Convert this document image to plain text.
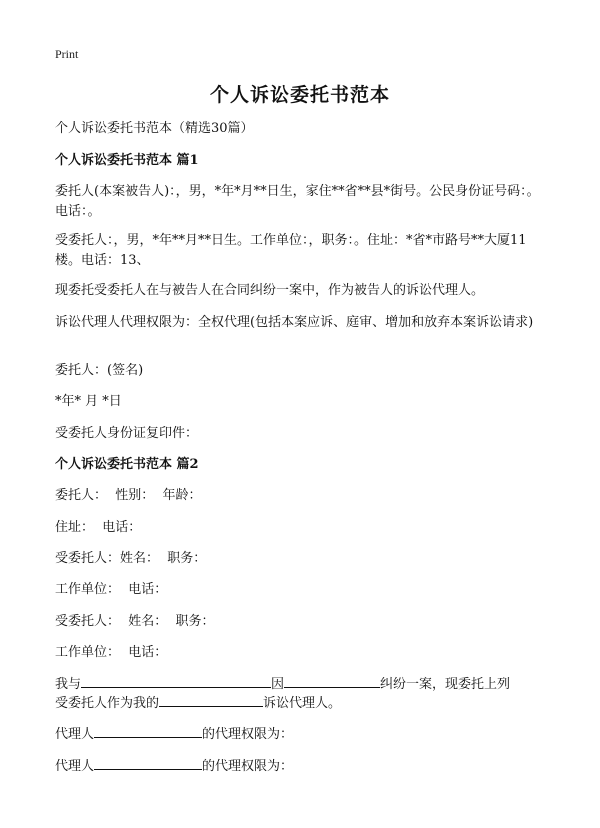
Print
个人诉讼委托书范本
个人诉讼委托书范本（精选30篇）
个人诉讼委托书范本 篇1
委托人(本案被告人)：，男，*年*月**日生，家住**省**县*街号。公民身份证号码：。电话：。
受委托人：，男，*年**月**日生。工作单位：，职务：。住址：*省*市路号**大厦11楼。电话：13、
现委托受委托人在与被告人在合同纠纷一案中，作为被告人的诉讼代理人。
诉讼代理人代理权限为：全权代理(包括本案应诉、庭审、增加和放弃本案诉讼请求)
委托人：(签名)
*年* 月 *日
受委托人身份证复印件：
个人诉讼委托书范本 篇2
委托人：  性别：  年龄：
住址：  电话：
受委托人：姓名：  职务：
工作单位：  电话：
受委托人：  姓名：  职务：
工作单位：  电话：
我与	因	纠纷一案，现委托上列
受委托人作为我的	诉讼代理人。
代理人	的代理权限为：
代理人	的代理权限为：
